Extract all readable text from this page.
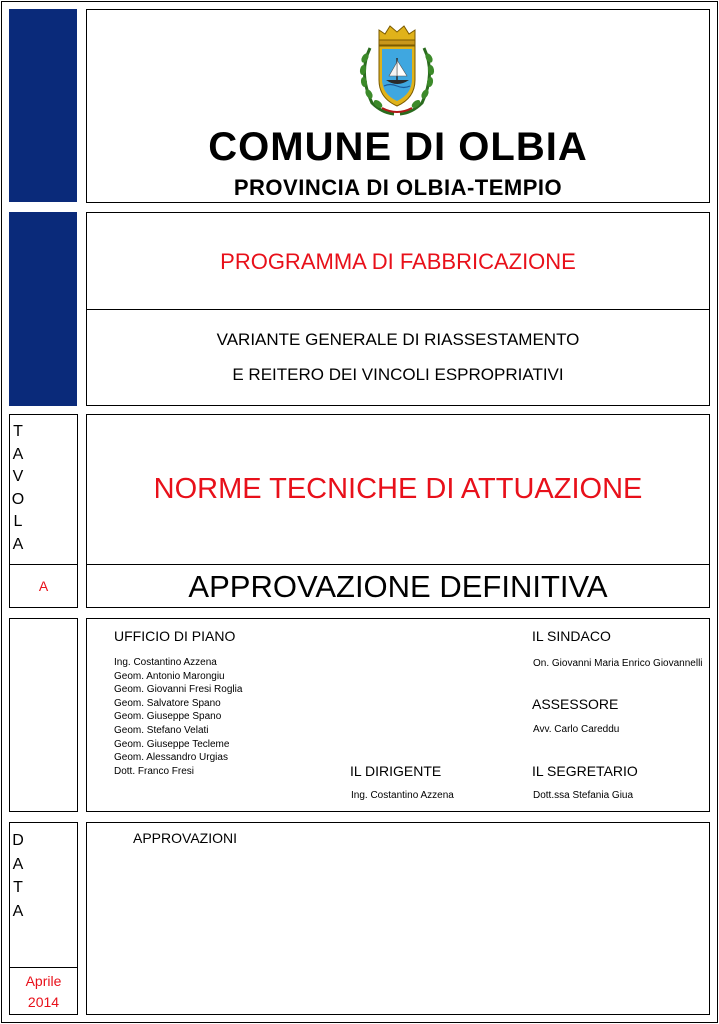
COMUNE DI OLBIA
PROVINCIA DI OLBIA-TEMPIO
PROGRAMMA DI FABBRICAZIONE
VARIANTE GENERALE DI RIASSESTAMENTO
E REITERO DEI VINCOLI ESPROPRIATIVI
T
A
V
O
L
A
A
NORME TECNICHE DI ATTUAZIONE
APPROVAZIONE DEFINITIVA
UFFICIO DI PIANO
Ing. Costantino Azzena
Geom. Antonio Marongiu
Geom. Giovanni Fresi Roglia
Geom. Salvatore Spano
Geom. Giuseppe Spano
Geom. Stefano Velati
Geom. Giuseppe Tecleme
Geom. Alessandro Urgias
Dott. Franco Fresi
IL SINDACO
On. Giovanni Maria Enrico Giovannelli
ASSESSORE
Avv. Carlo Careddu
IL DIRIGENTE
Ing. Costantino Azzena
IL SEGRETARIO
Dott.ssa Stefania Giua
D
A
T
A
Aprile
2014
APPROVAZIONI
